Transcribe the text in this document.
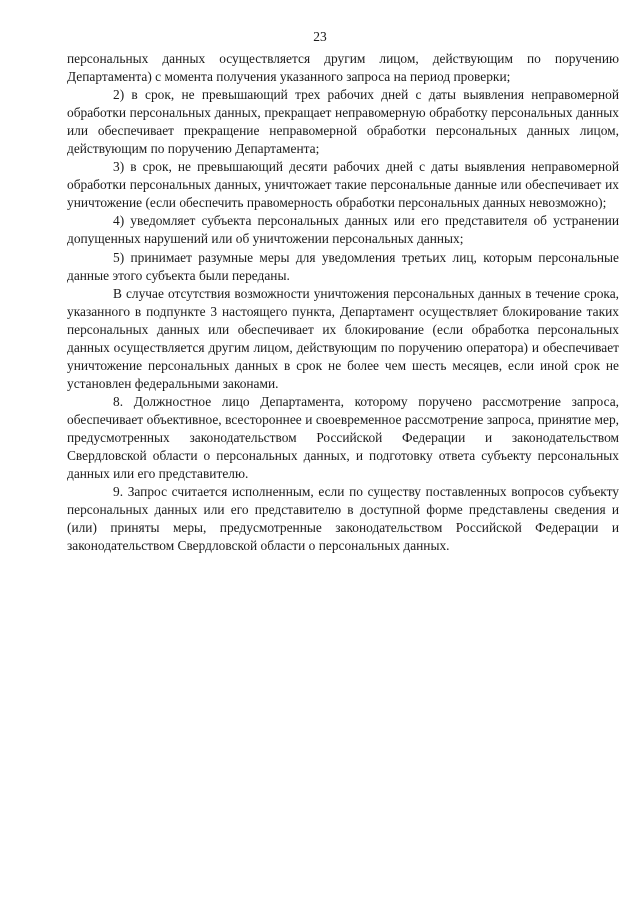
23

персональных данных осуществляется другим лицом, действующим по поручению Департамента) с момента получения указанного запроса на период проверки;

2) в срок, не превышающий трех рабочих дней с даты выявления неправомерной обработки персональных данных, прекращает неправомерную обработку персональных данных или обеспечивает прекращение неправомерной обработки персональных данных лицом, действующим по поручению Департамента;

3) в срок, не превышающий десяти рабочих дней с даты выявления неправомерной обработки персональных данных, уничтожает такие персональные данные или обеспечивает их уничтожение (если обеспечить правомерность обработки персональных данных невозможно);

4) уведомляет субъекта персональных данных или его представителя об устранении допущенных нарушений или об уничтожении персональных данных;

5) принимает разумные меры для уведомления третьих лиц, которым персональные данные этого субъекта были переданы.

В случае отсутствия возможности уничтожения персональных данных в течение срока, указанного в подпункте 3 настоящего пункта, Департамент осуществляет блокирование таких персональных данных или обеспечивает их блокирование (если обработка персональных данных осуществляется другим лицом, действующим по поручению оператора) и обеспечивает уничтожение персональных данных в срок не более чем шесть месяцев, если иной срок не установлен федеральными законами.

8. Должностное лицо Департамента, которому поручено рассмотрение запроса, обеспечивает объективное, всестороннее и своевременное рассмотрение запроса, принятие мер, предусмотренных законодательством Российской Федерации и законодательством Свердловской области о персональных данных, и подготовку ответа субъекту персональных данных или его представителю.

9. Запрос считается исполненным, если по существу поставленных вопросов субъекту персональных данных или его представителю в доступной форме представлены сведения и (или) приняты меры, предусмотренные законодательством Российской Федерации и законодательством Свердловской области о персональных данных.
